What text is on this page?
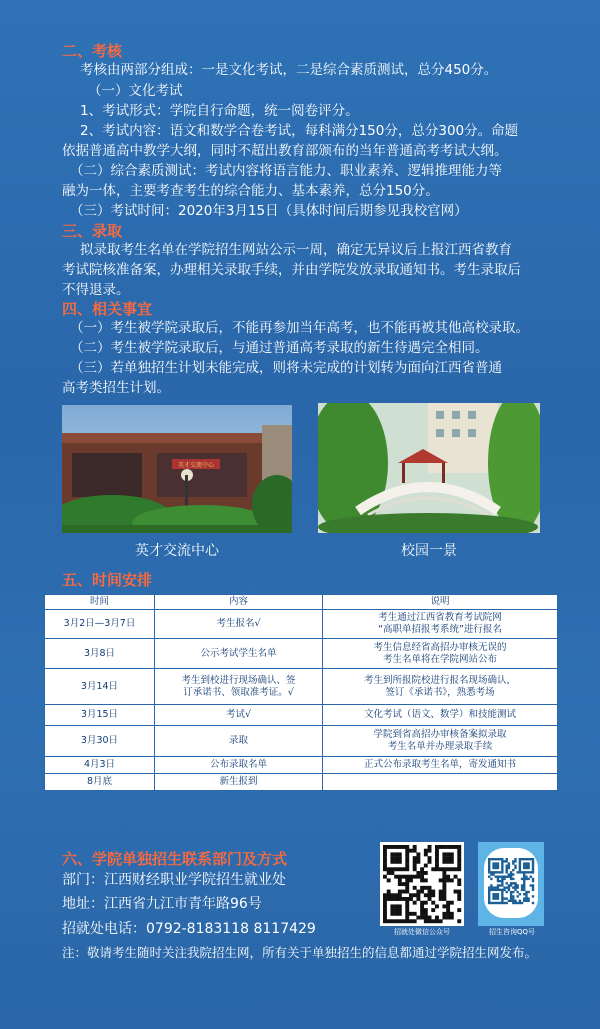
二、考核
考核由两部分组成：一是文化考试，二是综合素质测试，总分450分。
（一）文化考试
1、考试形式：学院自行命题，统一阅卷评分。
2、考试内容：语文和数学合卷考试，每科满分150分，总分300分。命题
依据普通高中教学大纲，同时不超出教育部颁布的当年普通高考考试大纲。
（二）综合素质测试：考试内容将语言能力、职业素养、逻辑推理能力等
融为一体，主要考查考生的综合能力、基本素养，总分150分。
（三）考试时间：2020年3月15日（具体时间后期参见我校官网）
三、录取
拟录取考生名单在学院招生网站公示一周，确定无异议后上报江西省教育
考试院核准备案，办理相关录取手续，并由学院发放录取通知书。考生录取后
不得退录。
四、相关事宜
（一）考生被学院录取后，不能再参加当年高考，也不能再被其他高校录取。
（二）考生被学院录取后，与通过普通高考录取的新生待遇完全相同。
（三）若单独招生计划未能完成，则将未完成的计划转为面向江西省普通
高考类招生计划。
英才交流中心
英才交流中心	校园一景
五、时间安排
时间	内容	说明
3月2日—3月7日	考生报名√	考生通过江西省教育考试院网
“高职单招报考系统”进行报名
3月8日	公示考试学生名单	考生信息经省高招办审核无误的
考生名单将在学院网站公布
3月14日	考生到校进行现场确认、签
订承诺书、领取准考证。√	考生到所报院校进行报名现场确认，
签订《承诺书》，熟悉考场
3月15日	考试√	文化考试（语文、数学）和技能测试
3月30日	录取	学院到省高招办审核备案拟录取
考生名单并办理录取手续
4月3日	公布录取名单	正式公布录取考生名单，寄发通知书
8月底	新生报到	
六、学院单独招生联系部门及方式
部门：江西财经职业学院招生就业处
地址：江西省九江市青年路96号
招就处电话：0792-8183118 8117429
注：敬请考生随时关注我院招生网，所有关于单独招生的信息都通过学院招生网发布。
招就处微信公众号	招生咨询QQ号
